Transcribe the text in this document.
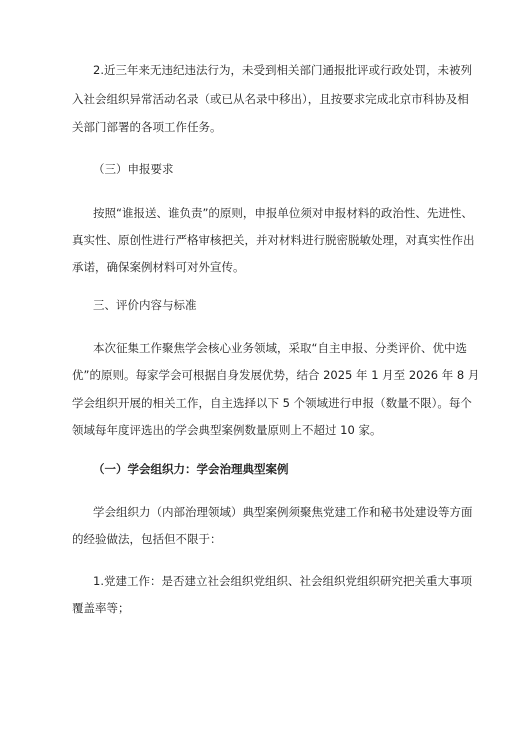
2.近三年来无违纪违法行为，未受到相关部门通报批评或行政处罚，未被列
入社会组织异常活动名录（或已从名录中移出），且按要求完成北京市科协及相
关部门部署的各项工作任务。
（三）申报要求
按照“谁报送、谁负责”的原则，申报单位须对申报材料的政治性、先进性、
真实性、原创性进行严格审核把关，并对材料进行脱密脱敏处理，对真实性作出
承诺，确保案例材料可对外宣传。
三、评价内容与标准
本次征集工作聚焦学会核心业务领域，采取“自主申报、分类评价、优中选
优”的原则。每家学会可根据自身发展优势，结合 2025 年 1 月至 2026 年 8 月
学会组织开展的相关工作，自主选择以下 5 个领域进行申报（数量不限）。每个
领域每年度评选出的学会典型案例数量原则上不超过 10 家。
（一）学会组织力：学会治理典型案例
学会组织力（内部治理领域）典型案例须聚焦党建工作和秘书处建设等方面
的经验做法，包括但不限于：
1.党建工作：是否建立社会组织党组织、社会组织党组织研究把关重大事项
覆盖率等；
